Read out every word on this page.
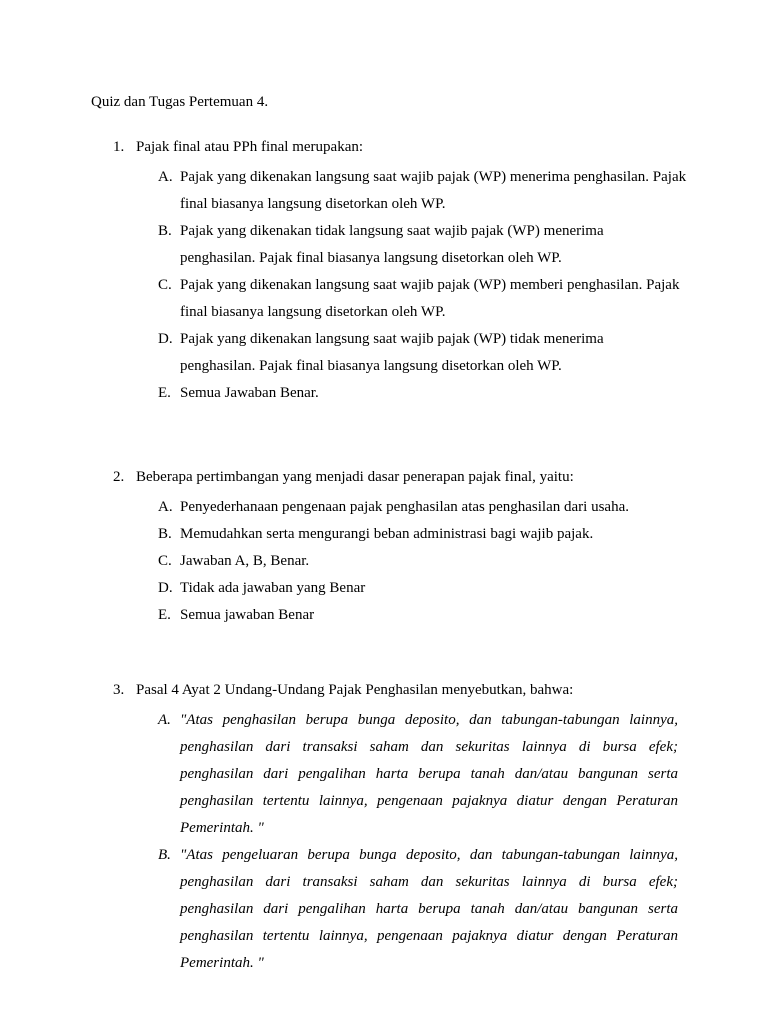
Quiz dan Tugas Pertemuan 4.
1. Pajak final atau PPh final merupakan:
A. Pajak yang dikenakan langsung saat wajib pajak (WP) menerima penghasilan. Pajak final biasanya langsung disetorkan oleh WP.
B. Pajak yang dikenakan tidak langsung saat wajib pajak (WP) menerima penghasilan. Pajak final biasanya langsung disetorkan oleh WP.
C. Pajak yang dikenakan langsung saat wajib pajak (WP) memberi penghasilan. Pajak final biasanya langsung disetorkan oleh WP.
D. Pajak yang dikenakan langsung saat wajib pajak (WP) tidak menerima penghasilan. Pajak final biasanya langsung disetorkan oleh WP.
E. Semua Jawaban Benar.
2. Beberapa pertimbangan yang menjadi dasar penerapan pajak final, yaitu:
A. Penyederhanaan pengenaan pajak penghasilan atas penghasilan dari usaha.
B. Memudahkan serta mengurangi beban administrasi bagi wajib pajak.
C. Jawaban A, B, Benar.
D. Tidak ada jawaban yang Benar
E. Semua jawaban Benar
3. Pasal 4 Ayat 2 Undang-Undang Pajak Penghasilan menyebutkan, bahwa:
A. "Atas penghasilan berupa bunga deposito, dan tabungan-tabungan lainnya, penghasilan dari transaksi saham dan sekuritas lainnya di bursa efek; penghasilan dari pengalihan harta berupa tanah dan/atau bangunan serta penghasilan tertentu lainnya, pengenaan pajaknya diatur dengan Peraturan Pemerintah. "
B. "Atas pengeluaran berupa bunga deposito, dan tabungan-tabungan lainnya, penghasilan dari transaksi saham dan sekuritas lainnya di bursa efek; penghasilan dari pengalihan harta berupa tanah dan/atau bangunan serta penghasilan tertentu lainnya, pengenaan pajaknya diatur dengan Peraturan Pemerintah. "
